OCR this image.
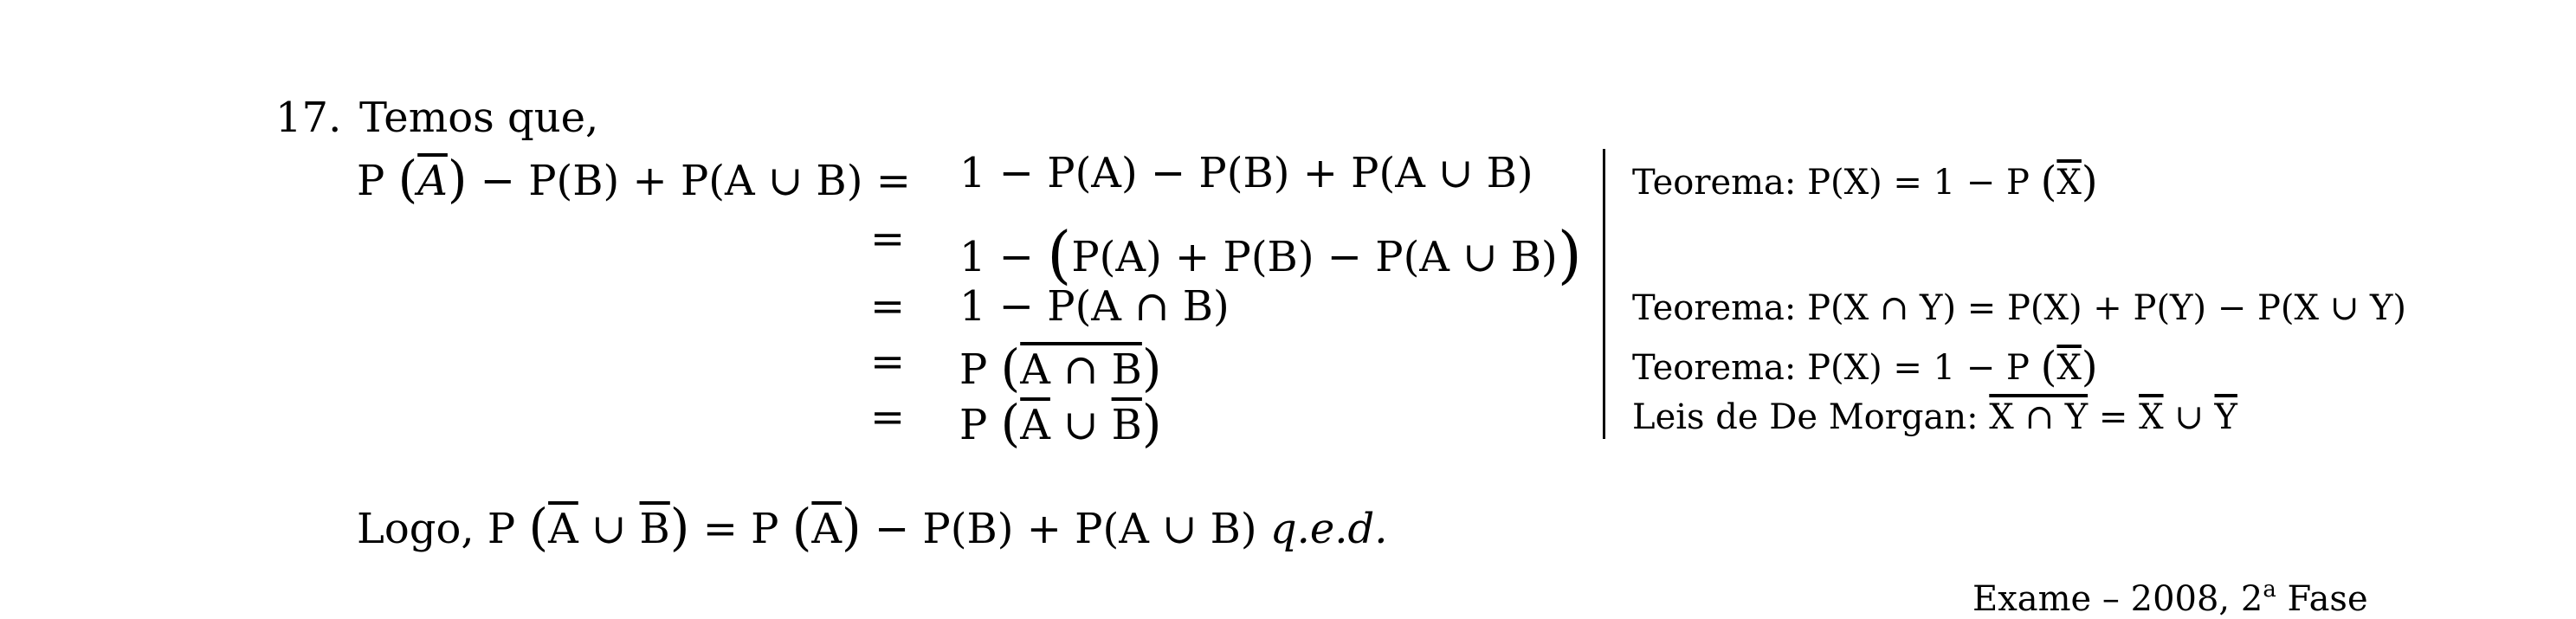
17. Temos que,
P $(\overline{A}) - P(B) + P(A$ ∪ B) = 1 − P(A) − P(B) + P(A ∪ B)
= 1 − (P(A) + P(B) − P(A ∪ B))
= 1 − P(A ∩ B)
= P (A ∩ B)
= P ($\overline{A}$ ∪ $\overline{B}$)
Teorema: P(X) = 1 − P $(\overline{X})$
Teorema: P(X ∩ Y) = P(X) + P(Y) − P(X ∪ Y)
Teorema: P(X) = 1 − P $(\overline{X})$
Leis de De Morgan: X ∩ $Y = \overline{X}$ ∪ $\overline{Y}$
Logo, P ($\overline{A}$ ∪ $\overline{B}) = P$ $(\overline{A}) - P(B) + P(A$ ∪ B) q.e.d.
Exame – 2008, 2$^a$ Fase
